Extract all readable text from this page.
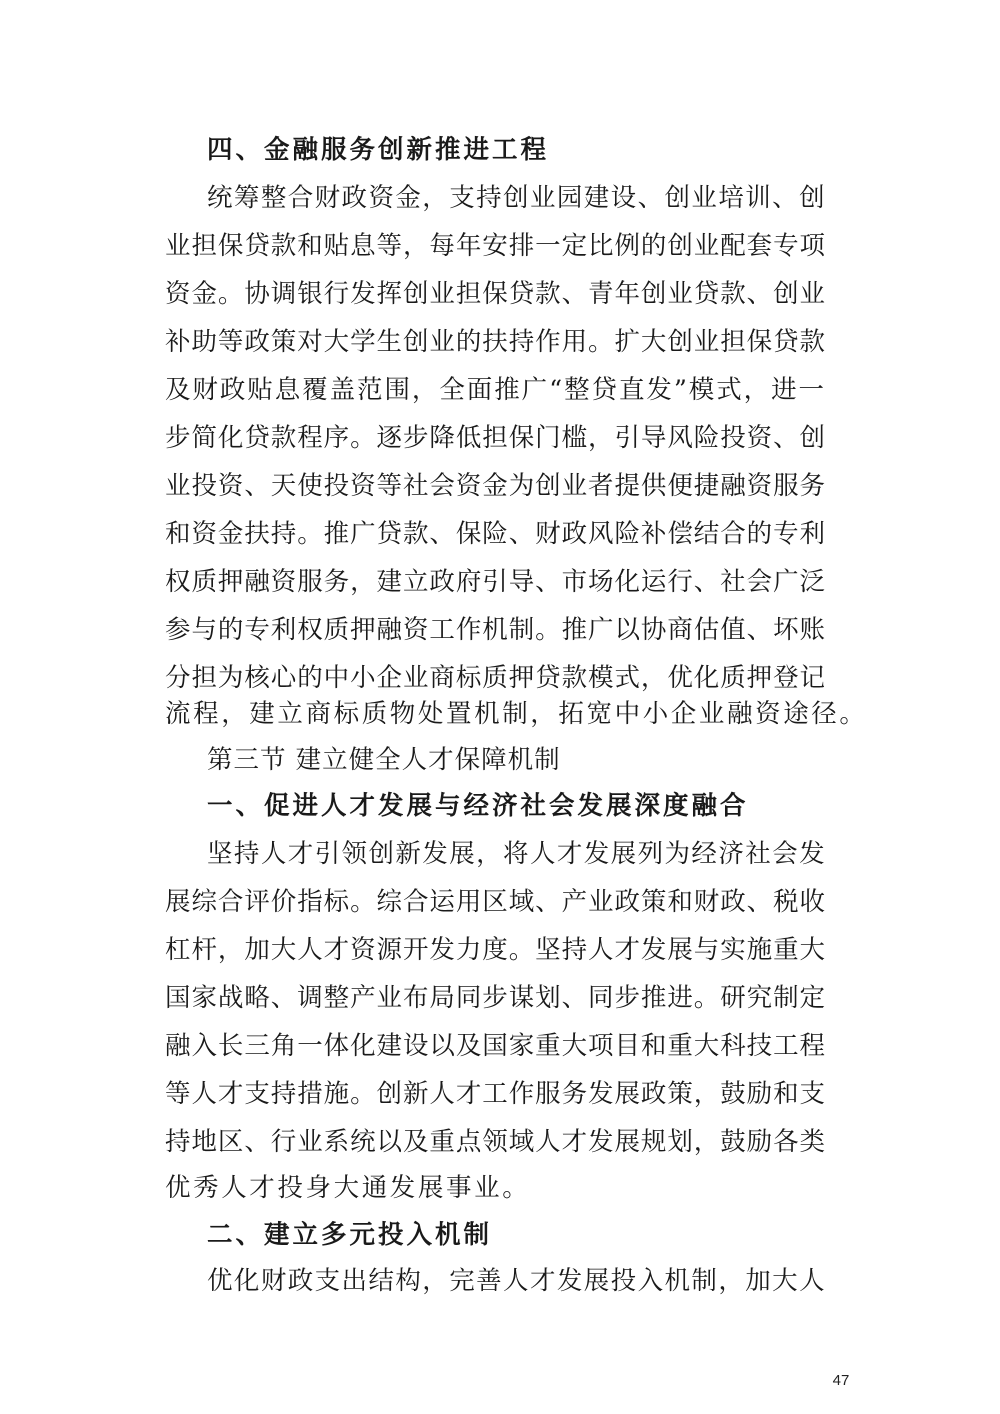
四、金融服务创新推进工程
统筹整合财政资金，支持创业园建设、创业培训、创
业担保贷款和贴息等，每年安排一定比例的创业配套专项
资金。协调银行发挥创业担保贷款、青年创业贷款、创业
补助等政策对大学生创业的扶持作用。扩大创业担保贷款
及财政贴息覆盖范围，全面推广“整贷直发”模式，进一
步简化贷款程序。逐步降低担保门槛，引导风险投资、创
业投资、天使投资等社会资金为创业者提供便捷融资服务
和资金扶持。推广贷款、保险、财政风险补偿结合的专利
权质押融资服务，建立政府引导、市场化运行、社会广泛
参与的专利权质押融资工作机制。推广以协商估值、坏账
分担为核心的中小企业商标质押贷款模式，优化质押登记
流程，建立商标质物处置机制，拓宽中小企业融资途径。
第三节 建立健全人才保障机制
一、促进人才发展与经济社会发展深度融合
坚持人才引领创新发展，将人才发展列为经济社会发
展综合评价指标。综合运用区域、产业政策和财政、税收
杠杆，加大人才资源开发力度。坚持人才发展与实施重大
国家战略、调整产业布局同步谋划、同步推进。研究制定
融入长三角一体化建设以及国家重大项目和重大科技工程
等人才支持措施。创新人才工作服务发展政策，鼓励和支
持地区、行业系统以及重点领域人才发展规划，鼓励各类
优秀人才投身大通发展事业。
二、建立多元投入机制
优化财政支出结构，完善人才发展投入机制，加大人
47
